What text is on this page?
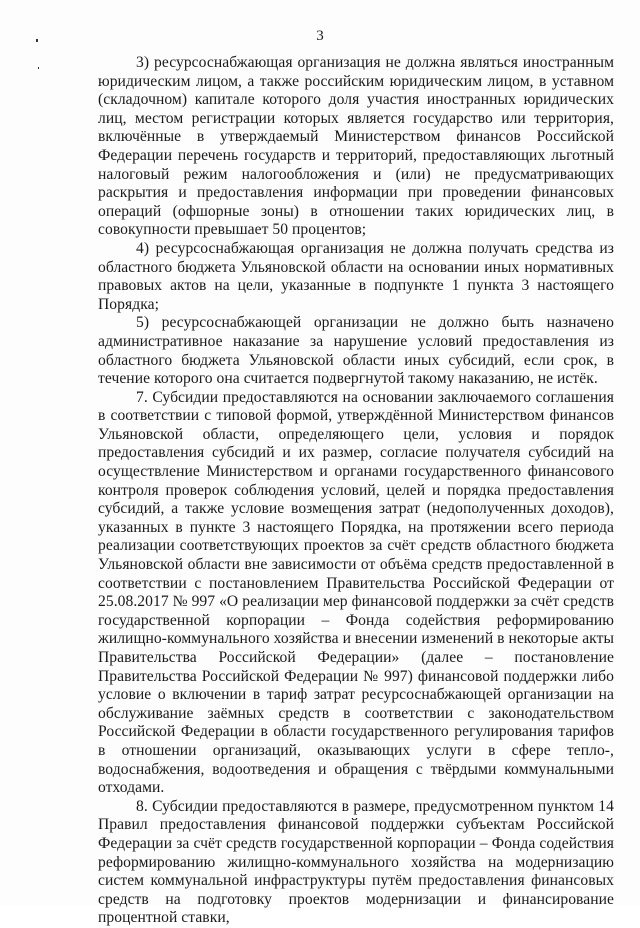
3

3) ресурсоснабжающая организация не должна являться иностранным юридическим лицом, а также российским юридическим лицом, в уставном (складочном) капитале которого доля участия иностранных юридических лиц, местом регистрации которых является государство или территория, включённые в утверждаемый Министерством финансов Российской Федерации перечень государств и территорий, предоставляющих льготный налоговый режим налогообложения и (или) не предусматривающих раскрытия и предоставления информации при проведении финансовых операций (офшорные зоны) в отношении таких юридических лиц, в совокупности превышает 50 процентов;

4) ресурсоснабжающая организация не должна получать средства из областного бюджета Ульяновской области на основании иных нормативных правовых актов на цели, указанные в подпункте 1 пункта 3 настоящего Порядка;

5) ресурсоснабжающей организации не должно быть назначено административное наказание за нарушение условий предоставления из областного бюджета Ульяновской области иных субсидий, если срок, в течение которого она считается подвергнутой такому наказанию, не истёк.

7. Субсидии предоставляются на основании заключаемого соглашения в соответствии с типовой формой, утверждённой Министерством финансов Ульяновской области, определяющего цели, условия и порядок предоставления субсидий и их размер, согласие получателя субсидий на осуществление Министерством и органами государственного финансового контроля проверок соблюдения условий, целей и порядка предоставления субсидий, а также условие возмещения затрат (недополученных доходов), указанных в пункте 3 настоящего Порядка, на протяжении всего периода реализации соответствующих проектов за счёт средств областного бюджета Ульяновской области вне зависимости от объёма средств предоставленной в соответствии с постановлением Правительства Российской Федерации от 25.08.2017 № 997 «О реализации мер финансовой поддержки за счёт средств государственной корпорации – Фонда содействия реформированию жилищно-коммунального хозяйства и внесении изменений в некоторые акты Правительства Российской Федерации» (далее – постановление Правительства Российской Федерации № 997) финансовой поддержки либо условие о включении в тариф затрат ресурсоснабжающей организации на обслуживание заёмных средств в соответствии с законодательством Российской Федерации в области государственного регулирования тарифов в отношении организаций, оказывающих услуги в сфере тепло-, водоснабжения, водоотведения и обращения с твёрдыми коммунальными отходами.

8. Субсидии предоставляются в размере, предусмотренном пунктом 14 Правил предоставления финансовой поддержки субъектам Российской Федерации за счёт средств государственной корпорации – Фонда содействия реформированию жилищно-коммунального хозяйства на модернизацию систем коммунальной инфраструктуры путём предоставления финансовых средств на подготовку проектов модернизации и финансирование процентной ставки,
